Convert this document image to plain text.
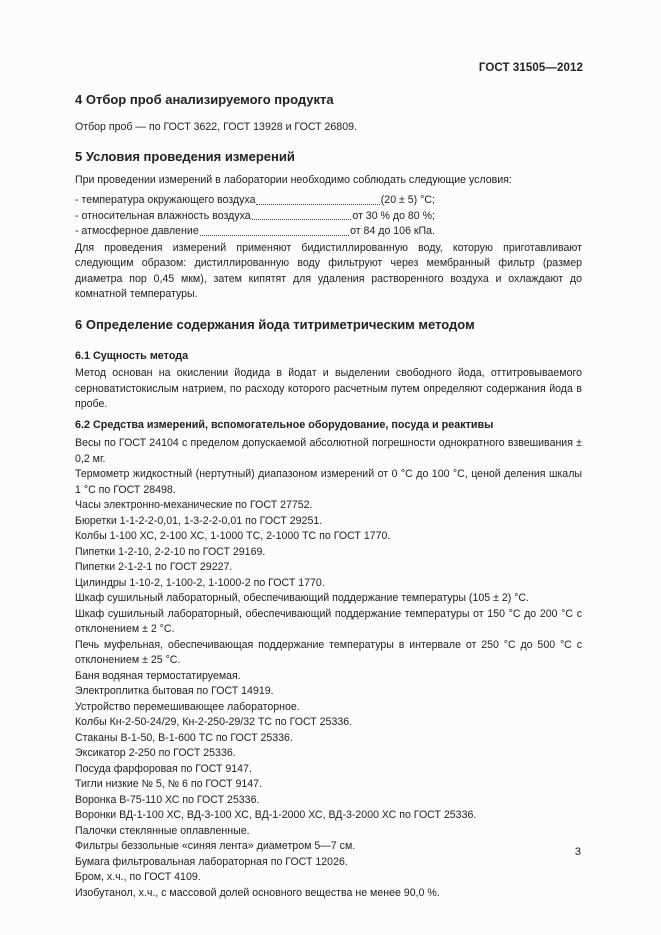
ГОСТ 31505—2012
4 Отбор проб анализируемого продукта

Отбор проб — по ГОСТ 3622, ГОСТ 13928 и ГОСТ 26809.

5 Условия проведения измерений

При проведении измерений в лаборатории необходимо соблюдать следующие условия:

- температура окружающего воздуха	(20 ± 5) °С;
- относительная влажность воздуха	от 30 % до 80 %;
- атмосферное давление	от 84 до 106 кПа.

Для проведения измерений применяют бидистиллированную воду, которую приготавливают следующим образом: дистиллированную воду фильтруют через мембранный фильтр (размер диаметра пор 0,45 мкм), затем кипятят для удаления растворенного воздуха и охлаждают до комнатной температуры.

6 Определение содержания йода титриметрическим методом
6.1 Сущность метода

Метод основан на окислении йодида в йодат и выделении свободного йода, оттитровываемого серноватистокислым натрием, по расходу которого расчетным путем определяют содержания йода в пробе.

6.2 Средства измерений, вспомогательное оборудование, посуда и реактивы

Весы по ГОСТ 24104 с пределом допускаемой абсолютной погрешности однократного взвешивания ± 0,2 мг.

Термометр жидкостный (нертутный) диапазоном измерений от 0 °С до 100 °С, ценой деления шкалы 1 °С по ГОСТ 28498.

Часы электронно-механические по ГОСТ 27752.

Бюретки 1-1-2-2-0,01, 1-3-2-2-0,01 по ГОСТ 29251.

Колбы 1-100 ХС, 2-100 ХС, 1-1000 ТС, 2-1000 ТС по ГОСТ 1770.

Пипетки 1-2-10, 2-2-10 по ГОСТ 29169.

Пипетки 2-1-2-1 по ГОСТ 29227.

Цилиндры 1-10-2, 1-100-2, 1-1000-2 по ГОСТ 1770.

Шкаф сушильный лабораторный, обеспечивающий поддержание температуры (105 ± 2) °С.

Шкаф сушильный лабораторный, обеспечивающий поддержание температуры от 150 °С до 200 °С с отклонением ± 2 °С.

Печь муфельная, обеспечивающая поддержание температуры в интервале от 250 °С до 500 °С с отклонением ± 25 °С.

Баня водяная термостатируемая.

Электроплитка бытовая по ГОСТ 14919.

Устройство перемешивающее лабораторное.

Колбы Кн-2-50-24/29, Кн-2-250-29/32 ТС по ГОСТ 25336.

Стаканы В-1-50, В-1-600 ТС по ГОСТ 25336.

Эксикатор 2-250 по ГОСТ 25336.

Посуда фарфоровая по ГОСТ 9147.

Тигли низкие № 5, № 6 по ГОСТ 9147.

Воронка В-75-110 ХС по ГОСТ 25336.

Воронки ВД-1-100 ХС, ВД-3-100 ХС, ВД-1-2000 ХС, ВД-3-2000 ХС по ГОСТ 25336.

Палочки стеклянные оплавленные.

Фильтры беззольные «синяя лента» диаметром 5—7 см.

Бумага фильтровальная лабораторная по ГОСТ 12026.

Бром, х.ч., по ГОСТ 4109.

Изобутанол, х.ч., с массовой долей основного вещества не менее 90,0 %.

3
